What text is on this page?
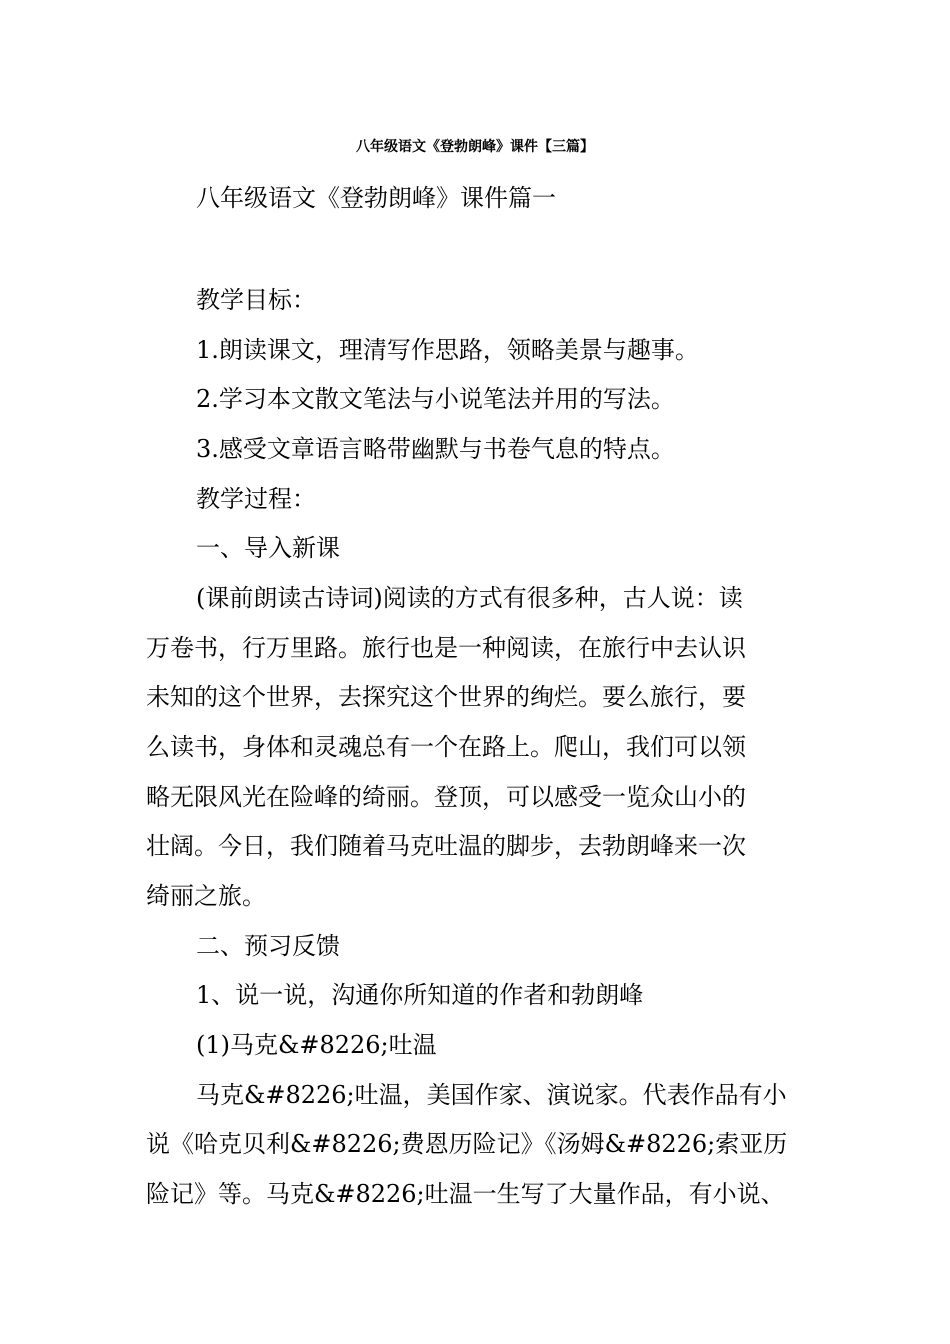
八年级语文《登勃朗峰》课件【三篇】
八年级语文《登勃朗峰》课件篇一
教学目标：
1.朗读课文，理清写作思路，领略美景与趣事。
2.学习本文散文笔法与小说笔法并用的写法。
3.感受文章语言略带幽默与书卷气息的特点。
教学过程：
一、导入新课
(课前朗读古诗词)阅读的方式有很多种，古人说：读
万卷书，行万里路。旅行也是一种阅读，在旅行中去认识
未知的这个世界，去探究这个世界的绚烂。要么旅行，要
么读书，身体和灵魂总有一个在路上。爬山，我们可以领
略无限风光在险峰的绮丽。登顶，可以感受一览众山小的
壮阔。今日，我们随着马克吐温的脚步，去勃朗峰来一次
绮丽之旅。
二、预习反馈
1、说一说，沟通你所知道的作者和勃朗峰
(1)马克&#8226;吐温
马克&#8226;吐温，美国作家、演说家。代表作品有小
说《哈克贝利&#8226;费恩历险记》《汤姆&#8226;索亚历
险记》等。马克&#8226;吐温一生写了大量作品，有小说、
